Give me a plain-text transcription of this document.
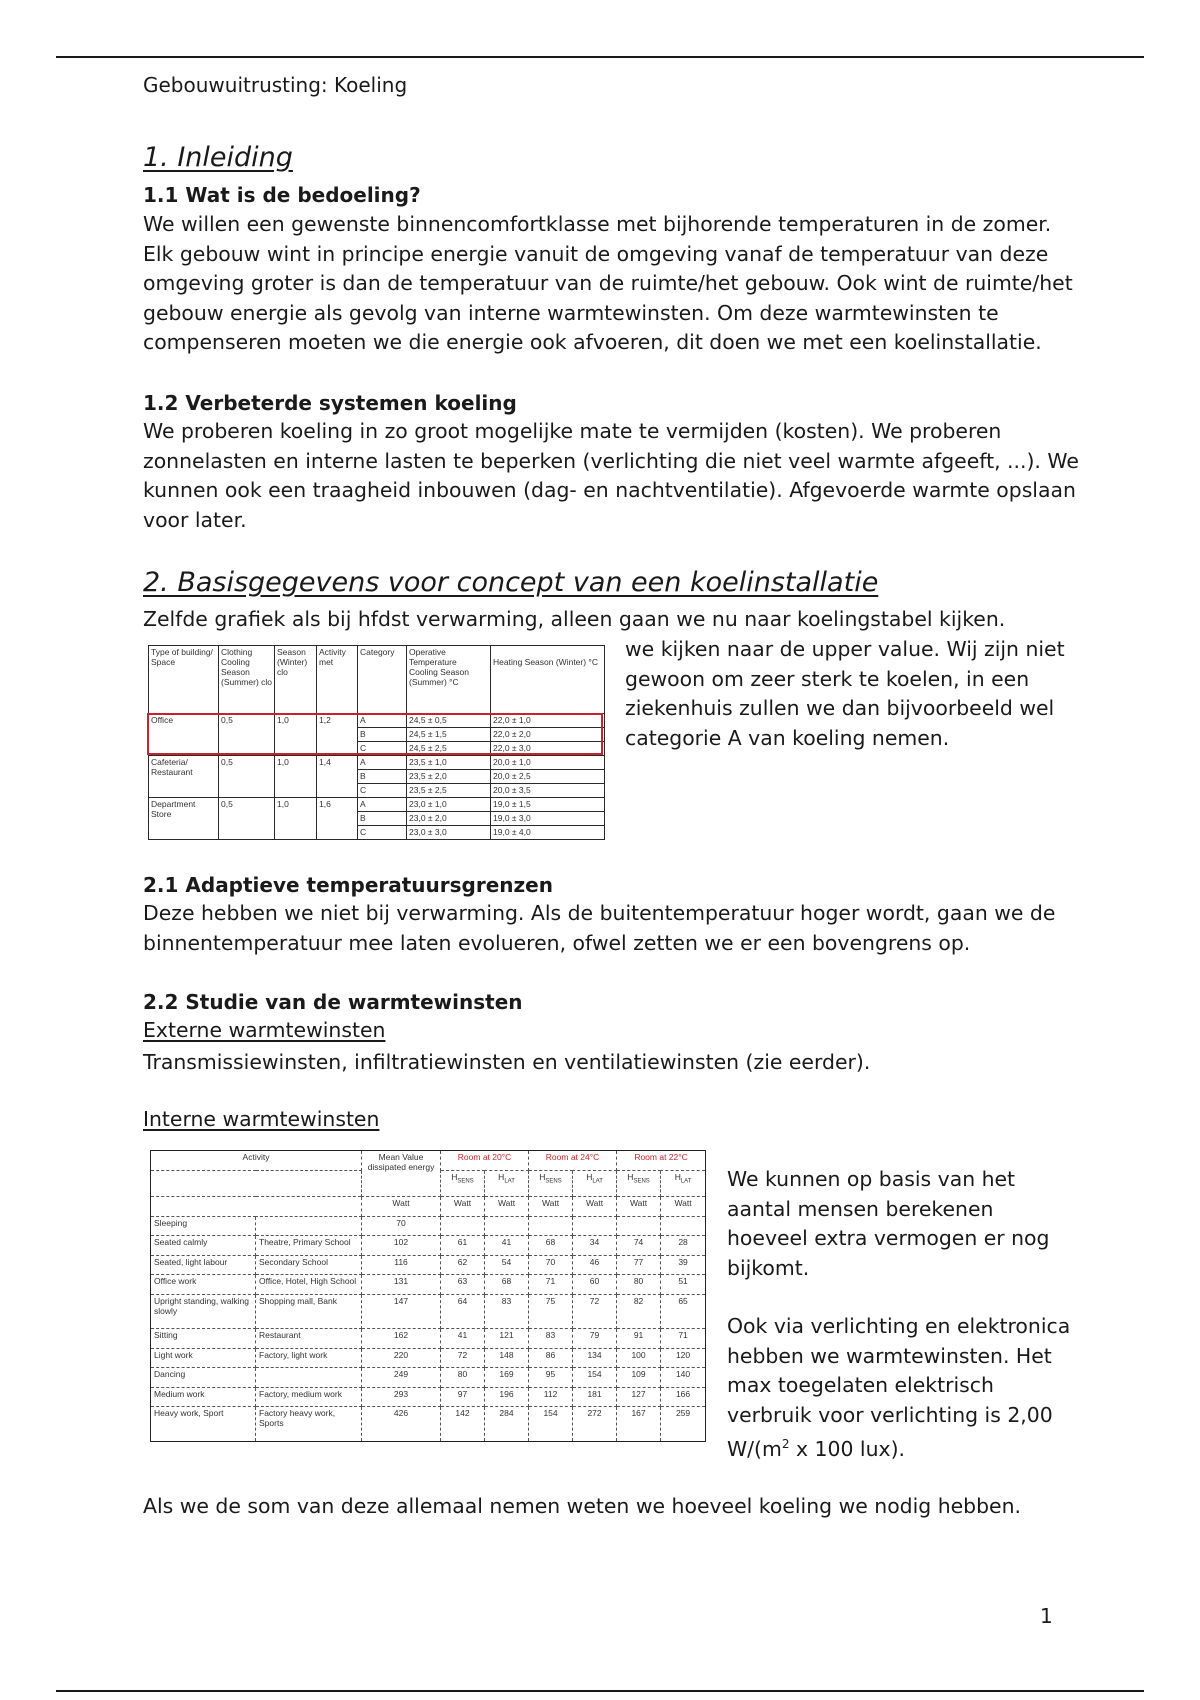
Gebouwuitrusting: Koeling
1. Inleiding
1.1 Wat is de bedoeling?

We willen een gewenste binnencomfortklasse met bijhorende temperaturen in de zomer.

Elk gebouw wint in principe energie vanuit de omgeving vanaf de temperatuur van deze

omgeving groter is dan de temperatuur van de ruimte/het gebouw. Ook wint de ruimte/het

gebouw energie als gevolg van interne warmtewinsten. Om deze warmtewinsten te

compenseren moeten we die energie ook afvoeren, dit doen we met een koelinstallatie.

1.2 Verbeterde systemen koeling

We proberen koeling in zo groot mogelijke mate te vermijden (kosten). We proberen

zonnelasten en interne lasten te beperken (verlichting die niet veel warmte afgeeft, ...). We

kunnen ook een traagheid inbouwen (dag- en nachtventilatie). Afgevoerde warmte opslaan

voor later.

2. Basisgegevens voor concept van een koelinstallatie

Zelfde grafiek als bij hfdst verwarming, alleen gaan we nu naar koelingstabel kijken.

Type of building/ Space	Clothing Cooling Season (Summer) clo	Season (Winter) clo	Activity met	Category	Operative Temperature
Cooling Season (Summer) °C	Heating Season (Winter) °C

Office	0,5	1,0	1,2	A	24,5 ± 0,5	22,0 ± 1,0
				B	24,5 ± 1,5	22,0 ± 2,0
				C	24,5 ± 2,5	22,0 ± 3,0
Cafeteria/ Restaurant	0,5	1,0	1,4	A	23,5 ± 1,0	20,0 ± 1,0
				B	23,5 ± 2,0	20,0 ± 2,5
				C	23,5 ± 2,5	20,0 ± 3,5
Department Store	0,5	1,0	1,6	A	23,0 ± 1,0	19,0 ± 1,5
				B	23,0 ± 2,0	19,0 ± 3,0
				C	23,0 ± 3,0	19,0 ± 4,0

we kijken naar de upper value. Wij zijn niet

gewoon om zeer sterk te koelen, in een

ziekenhuis zullen we dan bijvoorbeeld wel

categorie A van koeling nemen.

2.1 Adaptieve temperatuursgrenzen

Deze hebben we niet bij verwarming. Als de buitentemperatuur hoger wordt, gaan we de

binnentemperatuur mee laten evolueren, ofwel zetten we er een bovengrens op.

2.2 Studie van de warmtewinsten

Externe warmtewinsten

Transmissiewinsten, infiltratiewinsten en ventilatiewinsten (zie eerder).

Interne warmtewinsten

Activity		Mean Value dissipated energy	Room at 20°C		Room at 24°C		Room at 22°C	
			$H_{SENS}$	$H_{LAT}$	$H_{SENS}$	$H_{LAT}$	$H_{SENS}$	$H_{LAT}$
		Watt	Watt	Watt	Watt	Watt	Watt	Watt
Sleeping		70						
Seated calmly	Theatre, Primary School	102	61	41	68	34	74	28
Seated, light labour	Secondary School	116	62	54	70	46	77	39
Office work	Office, Hotel, High School	131	63	68	71	60	80	51
Upright standing, walking slowly	Shopping mall, Bank	147	64	83	75	72	82	65
Sitting	Restaurant	162	41	121	83	79	91	71
Light work	Factory, light work	220	72	148	86	134	100	120
Dancing		249	80	169	95	154	109	140
Medium work	Factory, medium work	293	97	196	112	181	127	166
Heavy work, Sport	Factory heavy work, Sports	426	142	284	154	272	167	259

We kunnen op basis van het

aantal mensen berekenen

hoeveel extra vermogen er nog

bijkomt.

Ook via verlichting en elektronica

hebben we warmtewinsten. Het

max toegelaten elektrisch

verbruik voor verlichting is 2,00

$W/(m^2$ x 100 lux).

Als we de som van deze allemaal nemen weten we hoeveel koeling we nodig hebben.

1
